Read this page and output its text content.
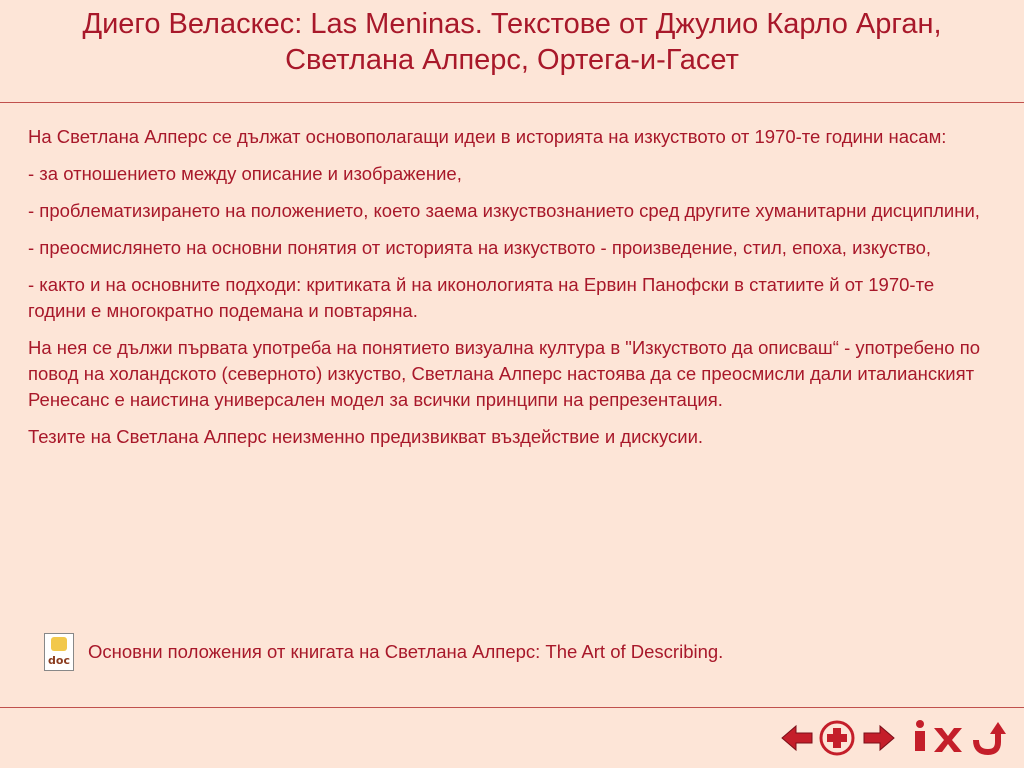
Диего Веласкес: Las Meninas. Текстове от Джулио Карло Арган, Светлана Алперс, Ортега-и-Гасет

На Светлана Алперс се дължат основополагащи идеи в историята на изкуството от 1970-те години насам:

- за отношението между описание и изображение,

- проблематизирането на положението, което заема изкуствознанието сред другите хуманитарни дисциплини,

- преосмислянето на основни понятия от историята на изкуството - произведение, стил, епоха, изкуство,

- както и на основните подходи: критиката й на иконологията на Ервин Панофски в статиите й от 1970-те години е многократно подемана и повтаряна.

На нея се дължи първата употреба на понятието визуална култура в "Изкуството да описваш“ - употребено по повод на холандското (северното) изкуство, Светлана Алперс настоява да се преосмисли дали италианският Ренесанс е наистина универсален модел за всички принципи на репрезентация.

Тезите на Светлана Алперс неизменно предизвикват въздействие и дискусии.

doc Основни положения от книгата на Светлана Алперс: The Art of Describing.
